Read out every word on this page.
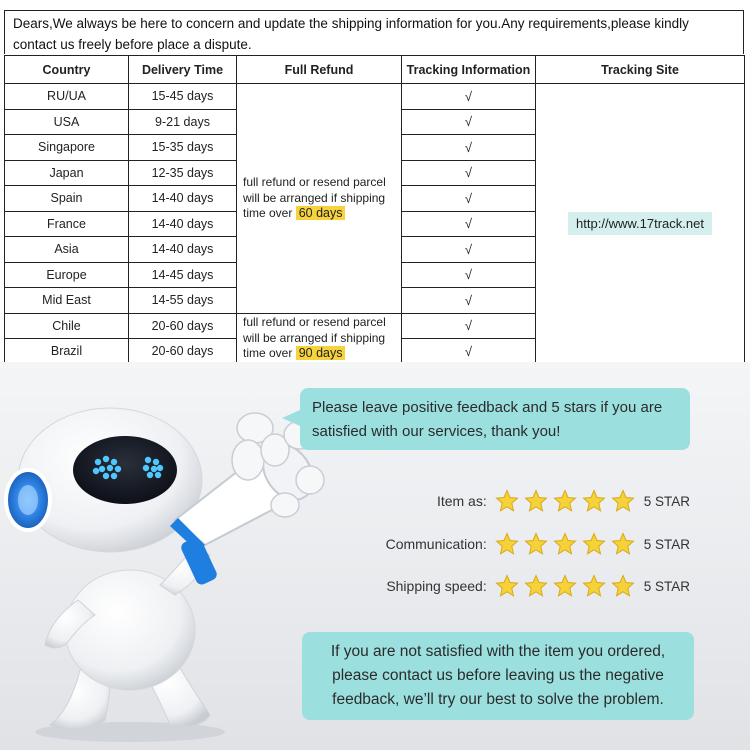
Dears,We always be here to concern and update the shipping information for you.Any requirements,please kindly contact us freely before place a dispute.
Country	Delivery Time	Full Refund	Tracking Information	Tracking Site
RU/UA	15-45 days	full refund or resend parcel will be arranged if shipping time over 60 days	√	http://www.17track.net
USA	9-21 days		√	
Singapore	15-35 days		√	
Japan	12-35 days		√	
Spain	14-40 days		√	
France	14-40 days		√	
Asia	14-40 days		√	
Europe	14-45 days		√	
Mid East	14-55 days		√	
Chile	20-60 days	full refund or resend parcel will be arranged if shipping time over 90 days	√	
Brazil	20-60 days		√	
Please leave positive feedback and 5 stars if you are satisfied with our services, thank you!
Item as:	5 STAR
Communication:	5 STAR
Shipping speed:	5 STAR
If you are not satisfied with the item you ordered, please contact us before leaving us the negative feedback, we’ll try our best to solve the problem.
